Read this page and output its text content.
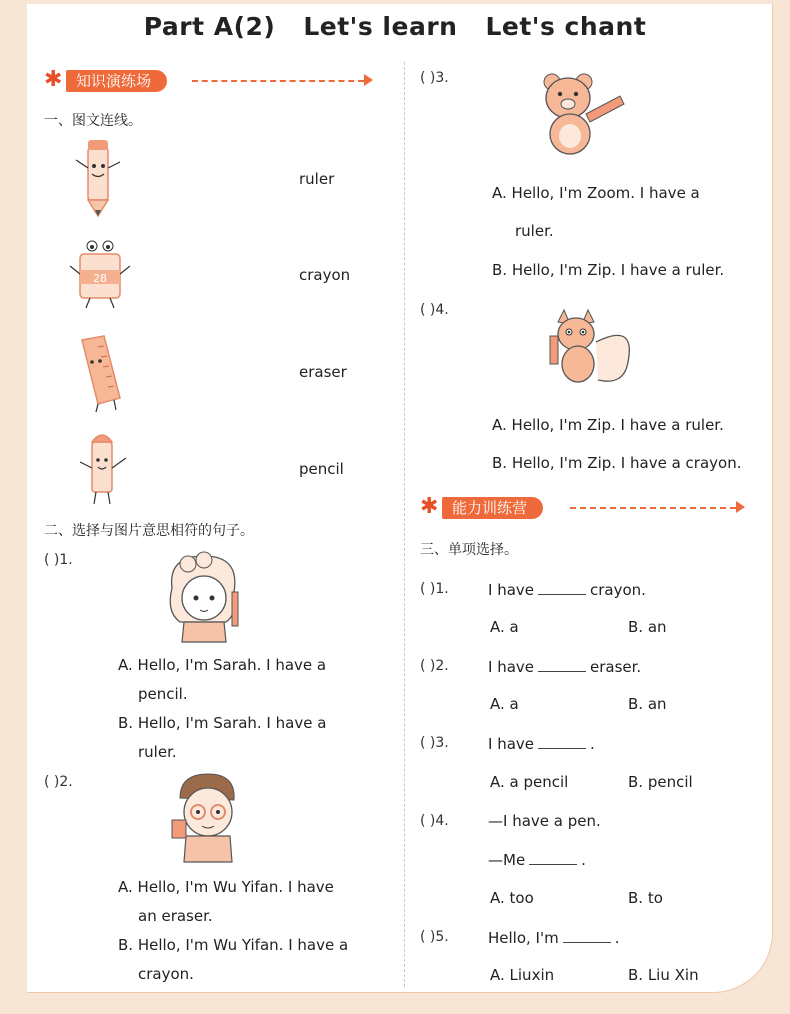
Part A(2) Let's learn Let's chant
✱ 知识演练场
一、图文连线。
ruler
28	crayon
eraser
pencil
二、选择与图片意思相符的句子。
( )1.
A. Hello, I'm Sarah. I have a
pencil.
B. Hello, I'm Sarah. I have a
ruler.
( )2.
A. Hello, I'm Wu Yifan. I have
an eraser.
B. Hello, I'm Wu Yifan. I have a
crayon.
( )3.
A. Hello, I'm Zoom. I have a
ruler.
B. Hello, I'm Zip. I have a ruler.
( )4.
A. Hello, I'm Zip. I have a ruler.
B. Hello, I'm Zip. I have a crayon.
✱ 能力训练营
三、单项选择。
( )1.	I have	crayon.
A. a	B. an
( )2.	I have	eraser.
A. a	B. an
( )3.	I have	.
A. a pencil	B. pencil
( )4.	—I have a pen.
—Me	.
A. too	B. to
( )5.	Hello, I'm	.
A. Liuxin	B. Liu Xin
